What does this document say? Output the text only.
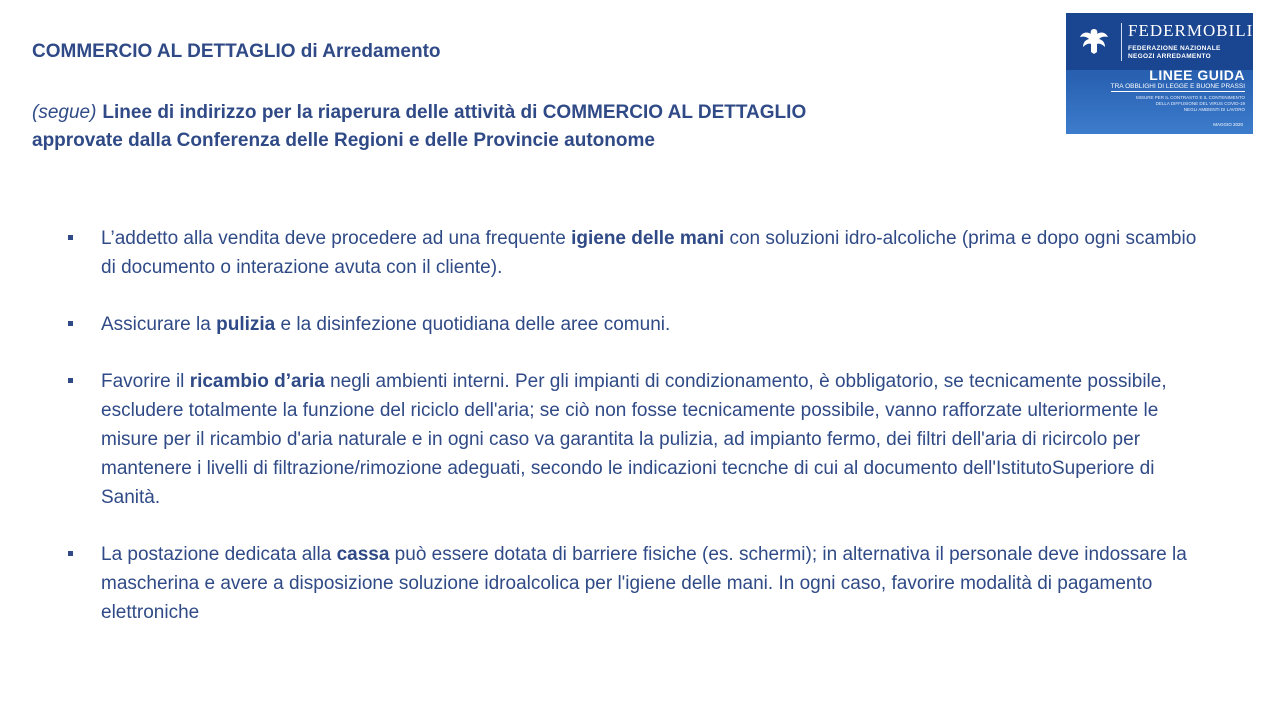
COMMERCIO AL DETTAGLIO di Arredamento

(segue) Linee di indirizzo per la riaperura delle attività di COMMERCIO AL DETTAGLIO
approvate dalla Conferenza delle Regioni e delle Provincie autonome

FEDERMOBILI
FEDERAZIONE NAZIONALE
NEGOZI ARREDAMENTO
LINEE GUIDA
TRA OBBLIGHI DI LEGGE E BUONE PRASSI
MISURE PER IL CONTRASTO E IL CONTENIMENTO
DELLA DIFFUSIONE DEL VIRUS COVID-19
NEGLI AMBIENTI DI LAVORO
MAGGIO 2020
L’addetto alla vendita deve procedere ad una frequente igiene delle mani con soluzioni idro-alcoliche (prima e dopo ogni scambio di documento o interazione avuta con il cliente).
Assicurare la pulizia e la disinfezione quotidiana delle aree comuni.
Favorire il ricambio d’aria negli ambienti interni. Per gli impianti di condizionamento, è obbligatorio, se tecnicamente possibile, escludere totalmente la funzione del riciclo dell'aria; se ciò non fosse tecnicamente possibile, vanno rafforzate ulteriormente le misure per il ricambio d'aria naturale e in ogni caso va garantita la pulizia, ad impianto fermo, dei filtri dell'aria di ricircolo per mantenere i livelli di filtrazione/rimozione adeguati, secondo le indicazioni tecnche di cui al documento dell'IstitutoSuperiore di Sanità.
La postazione dedicata alla cassa può essere dotata di barriere fisiche (es. schermi); in alternativa il personale deve indossare la mascherina e avere a disposizione soluzione idroalcolica per l'igiene delle mani. In ogni caso, favorire modalità di pagamento elettroniche
